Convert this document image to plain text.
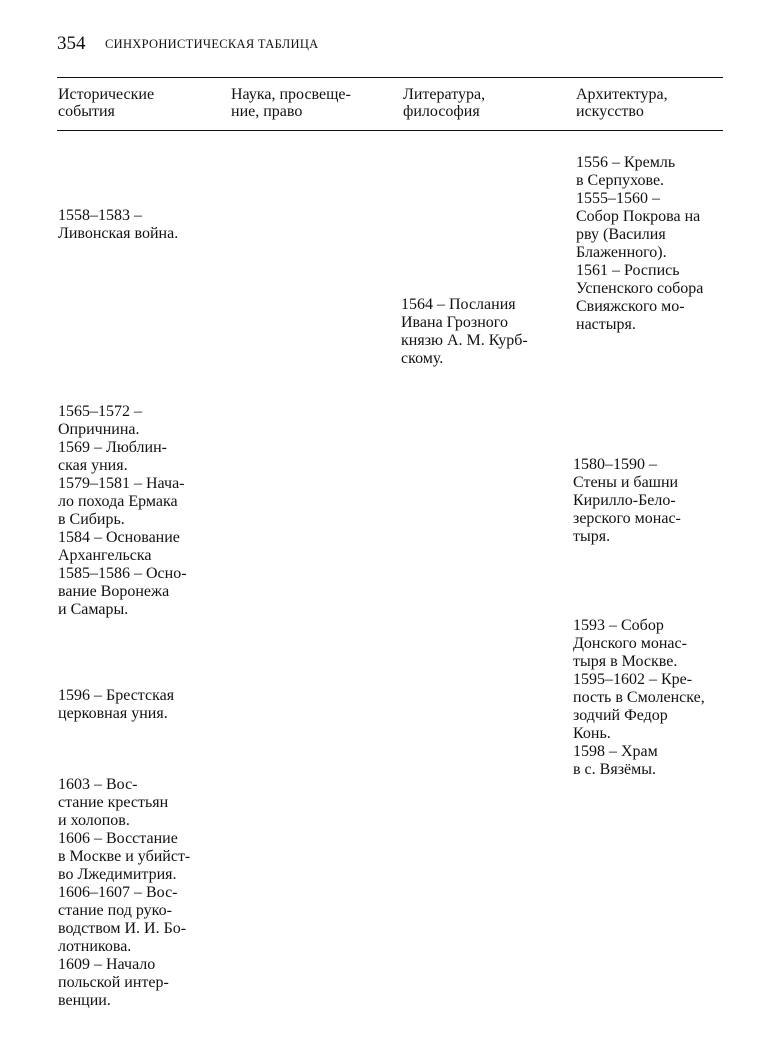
354 СИНХРОНИСТИЧЕСКАЯ ТАБЛИЦА
Исторические
события
Наука, просвеще-
ние, право
Литература,
философия
Архитектура,
искусство
1558–1583 –
Ливонская война.
1565–1572 –
Опричнина.
1569 – Люблин-
ская уния.
1579–1581 – Нача-
ло похода Ермака
в Сибирь.
1584 – Основание
Архангельска
1585–1586 – Осно-
вание Воронежа
и Самары.
1596 – Брестская
церковная уния.
1603 – Вос-
стание крестьян
и холопов.
1606 – Восстание
в Москве и убийст-
во Лжедимитрия.
1606–1607 – Вос-
стание под руко-
водством И. И. Бо-
лотникова.
1609 – Начало
польской интер-
венции.
1564 – Послания
Ивана Грозного
князю А. М. Курб-
скому.
1556 – Кремль
в Серпухове.
1555–1560 –
Собор Покрова на
рву (Василия
Блаженного).
1561 – Роспись
Успенского собора
Свияжского мо-
настыря.
1580–1590 –
Стены и башни
Кирилло-Бело-
зерского монас-
тыря.
1593 – Собор
Донского монас-
тыря в Москве.
1595–1602 – Кре-
пость в Смоленске,
зодчий Федор
Конь.
1598 – Храм
в с. Вязёмы.
